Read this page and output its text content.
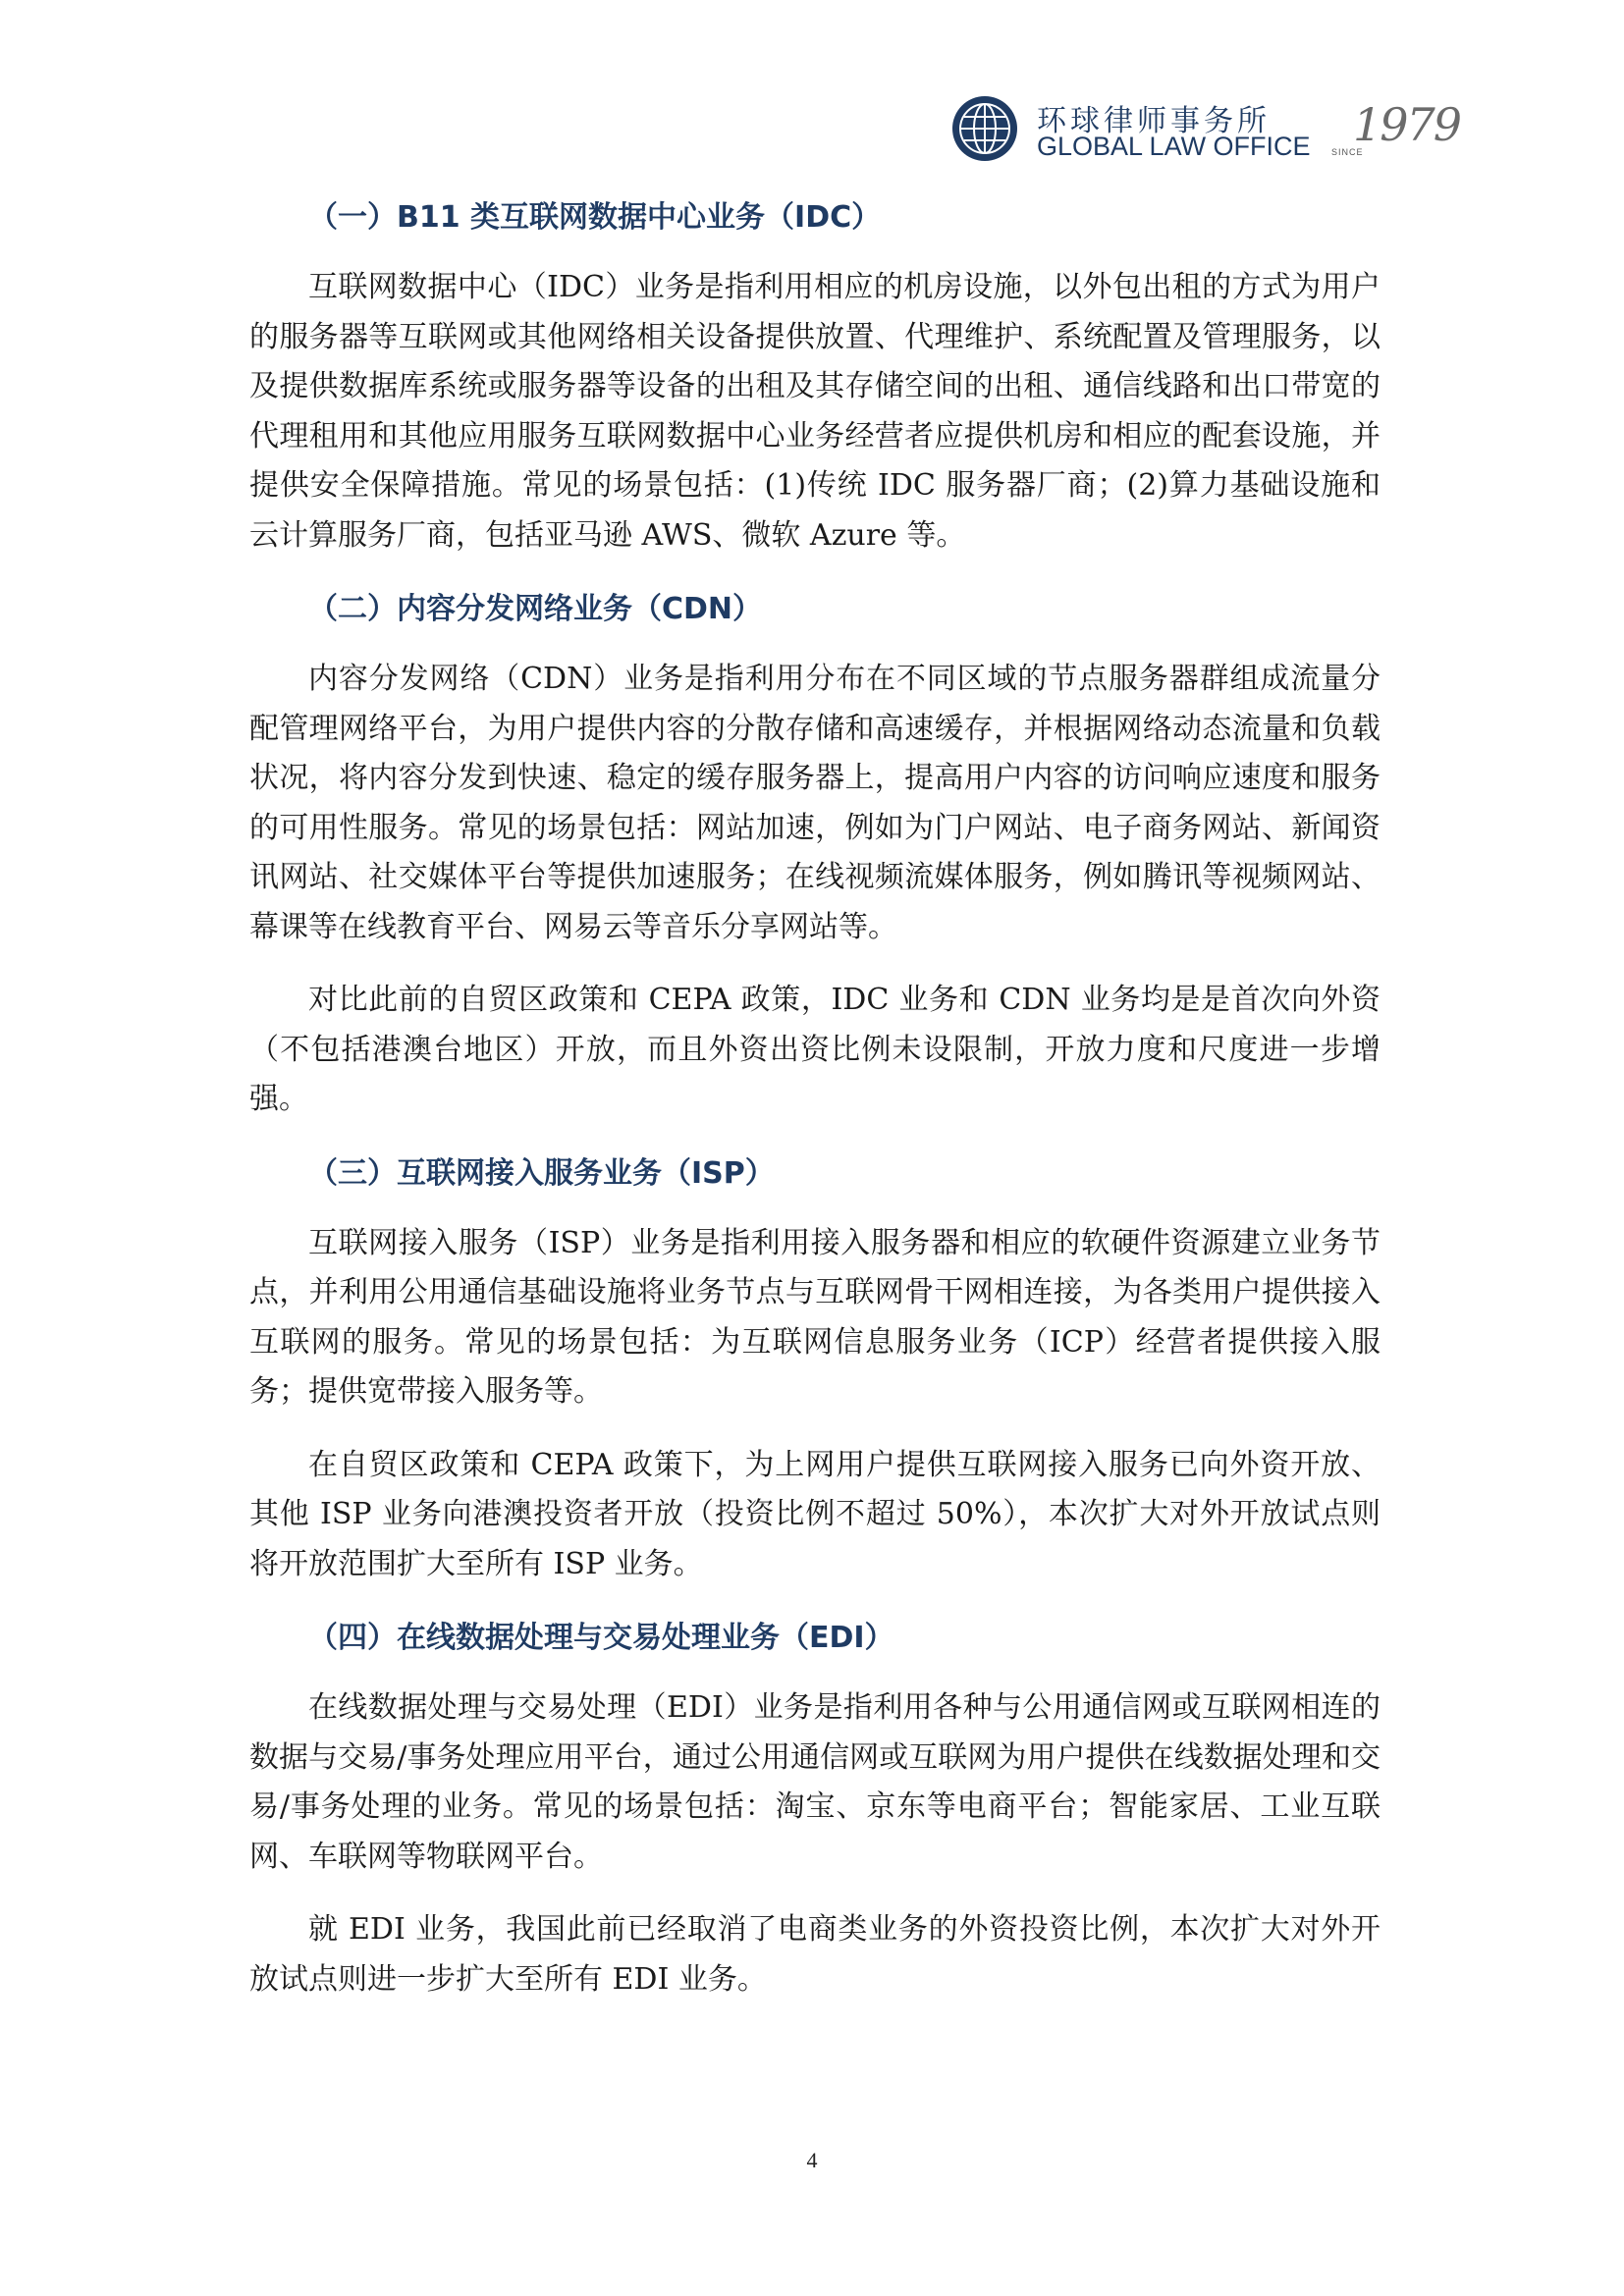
环球律师事务所
GLOBAL LAW OFFICE SINCE
1979
（一）B11 类互联网数据中心业务（IDC）

互联网数据中心（IDC）业务是指利用相应的机房设施，以外包出租的方式为用户的服务器等互联网或其他网络相关设备提供放置、代理维护、系统配置及管理服务，以及提供数据库系统或服务器等设备的出租及其存储空间的出租、通信线路和出口带宽的代理租用和其他应用服务互联网数据中心业务经营者应提供机房和相应的配套设施，并提供安全保障措施。常见的场景包括：(1)传统 IDC 服务器厂商；(2)算力基础设施和云计算服务厂商，包括亚马逊 AWS、微软 Azure 等。

（二）内容分发网络业务（CDN）

内容分发网络（CDN）业务是指利用分布在不同区域的节点服务器群组成流量分配管理网络平台，为用户提供内容的分散存储和高速缓存，并根据网络动态流量和负载状况，将内容分发到快速、稳定的缓存服务器上，提高用户内容的访问响应速度和服务的可用性服务。常见的场景包括：网站加速，例如为门户网站、电子商务网站、新闻资讯网站、社交媒体平台等提供加速服务；在线视频流媒体服务，例如腾讯等视频网站、幕课等在线教育平台、网易云等音乐分享网站等。

对比此前的自贸区政策和 CEPA 政策，IDC 业务和 CDN 业务均是是首次向外资（不包括港澳台地区）开放，而且外资出资比例未设限制，开放力度和尺度进一步增强。

（三）互联网接入服务业务（ISP）

互联网接入服务（ISP）业务是指利用接入服务器和相应的软硬件资源建立业务节点，并利用公用通信基础设施将业务节点与互联网骨干网相连接，为各类用户提供接入互联网的服务。常见的场景包括：为互联网信息服务业务（ICP）经营者提供接入服务；提供宽带接入服务等。

在自贸区政策和 CEPA 政策下，为上网用户提供互联网接入服务已向外资开放、其他 ISP 业务向港澳投资者开放（投资比例不超过 50%），本次扩大对外开放试点则将开放范围扩大至所有 ISP 业务。

（四）在线数据处理与交易处理业务（EDI）

在线数据处理与交易处理（EDI）业务是指利用各种与公用通信网或互联网相连的数据与交易/事务处理应用平台，通过公用通信网或互联网为用户提供在线数据处理和交易/事务处理的业务。常见的场景包括：淘宝、京东等电商平台；智能家居、工业互联网、车联网等物联网平台。

就 EDI 业务，我国此前已经取消了电商类业务的外资投资比例，本次扩大对外开放试点则进一步扩大至所有 EDI 业务。

4
